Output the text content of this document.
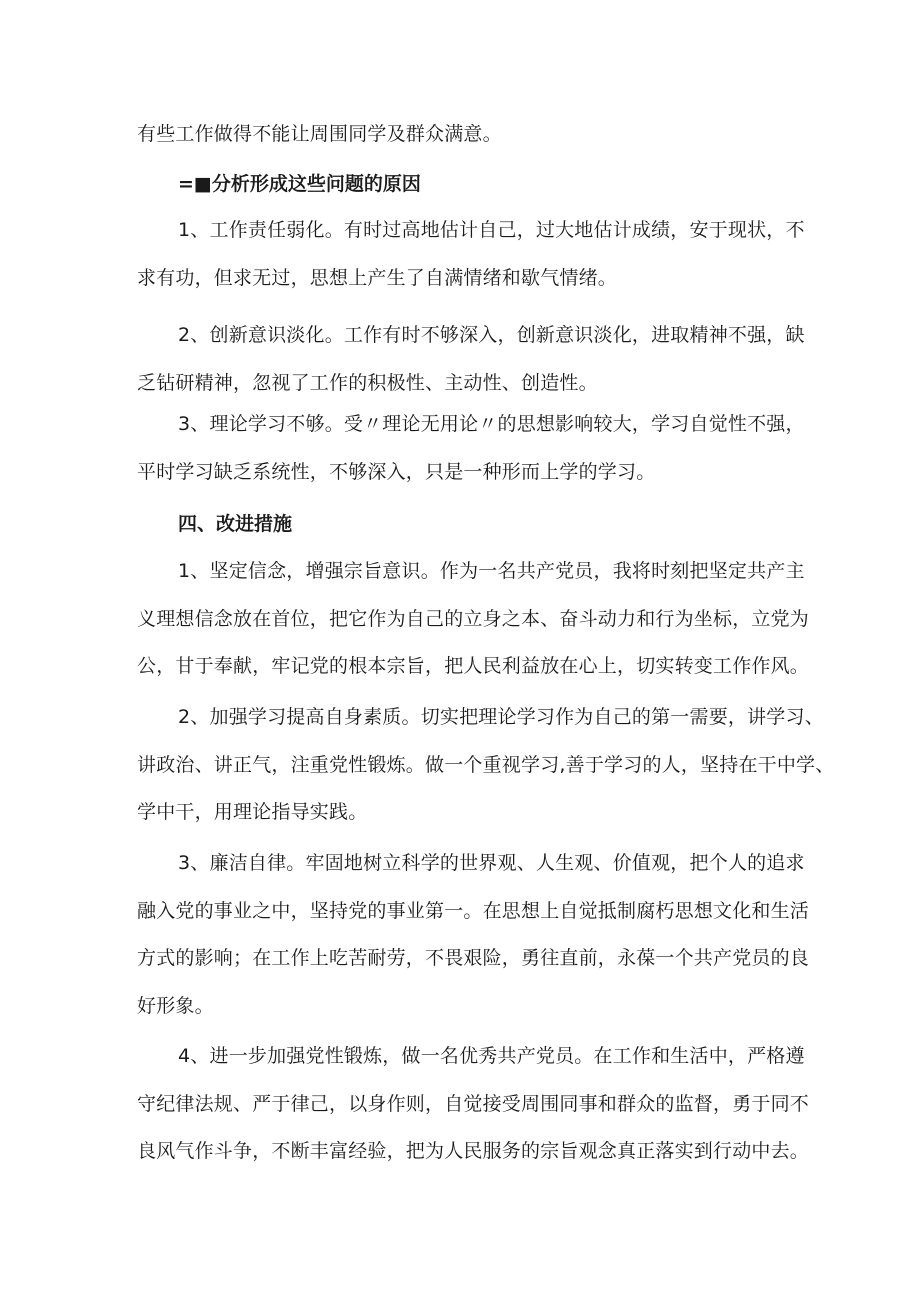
有些工作做得不能让周围同学及群众满意。
=■分析形成这些问题的原因
1、工作责任弱化。有时过高地估计自己，过大地估计成绩，安于现状，不
求有功，但求无过，思想上产生了自满情绪和歇气情绪。
2、创新意识淡化。工作有时不够深入，创新意识淡化，进取精神不强，缺
乏钻研精神，忽视了工作的积极性、主动性、创造性。
3、理论学习不够。受〃理论无用论〃的思想影响较大，学习自觉性不强，
平时学习缺乏系统性，不够深入，只是一种形而上学的学习。
四、改进措施
1、坚定信念，增强宗旨意识。作为一名共产党员，我将时刻把坚定共产主
义理想信念放在首位，把它作为自己的立身之本、奋斗动力和行为坐标，立党为
公，甘于奉献，牢记党的根本宗旨，把人民利益放在心上，切实转变工作作风。
2、加强学习提高自身素质。切实把理论学习作为自己的第一需要，讲学习、
讲政治、讲正气，注重党性锻炼。做一个重视学习,善于学习的人，坚持在干中学、
学中干，用理论指导实践。
3、廉洁自律。牢固地树立科学的世界观、人生观、价值观，把个人的追求
融入党的事业之中，坚持党的事业第一。在思想上自觉抵制腐朽思想文化和生活
方式的影响；在工作上吃苦耐劳，不畏艰险，勇往直前，永葆一个共产党员的良
好形象。
4、进一步加强党性锻炼，做一名优秀共产党员。在工作和生活中，严格遵
守纪律法规、严于律己，以身作则，自觉接受周围同事和群众的监督，勇于同不
良风气作斗争，不断丰富经验，把为人民服务的宗旨观念真正落实到行动中去。
